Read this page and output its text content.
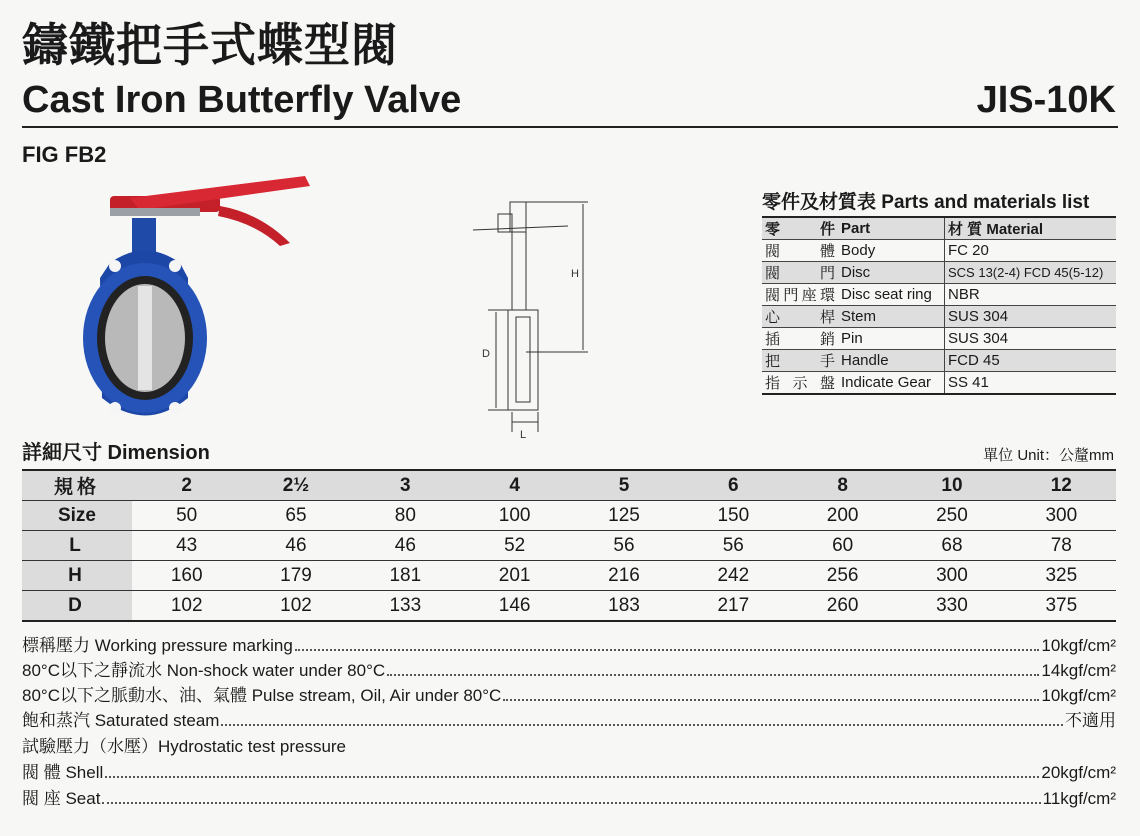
鑄鐵把手式蝶型閥
Cast Iron Butterfly Valve	JIS-10K
FIG FB2
H
D
L
零件及材質表 Parts and materials list
零件	Part	材 質 Material
閥體	Body	FC 20
閥門	Disc	SCS 13(2-4) FCD 45(5-12)
閥門座環	Disc seat ring	NBR
心桿	Stem	SUS 304
插銷	Pin	SUS 304
把手	Handle	FCD 45
指示盤	Indicate Gear	SS 41
詳細尺寸 Dimension	單位 Unit：公釐mm
規格	2	2½	3	4	5	6	8	10	12
Size	50	65	80	100	125	150	200	250	300
L	43	46	46	52	56	56	60	68	78
H	160	179	181	201	216	242	256	300	325
D	102	102	133	146	183	217	260	330	375
標稱壓力 Working pressure marking	10kgf/cm²
80°C以下之靜流水 Non-shock water under 80°C	14kgf/cm²
80°C以下之脈動水、油、氣體 Pulse stream, Oil, Air under 80°C	10kgf/cm²
飽和蒸汽 Saturated steam	不適用
試驗壓力（水壓）Hydrostatic test pressure
閥 體 Shell	20kgf/cm²
閥 座 Seat	11kgf/cm²
